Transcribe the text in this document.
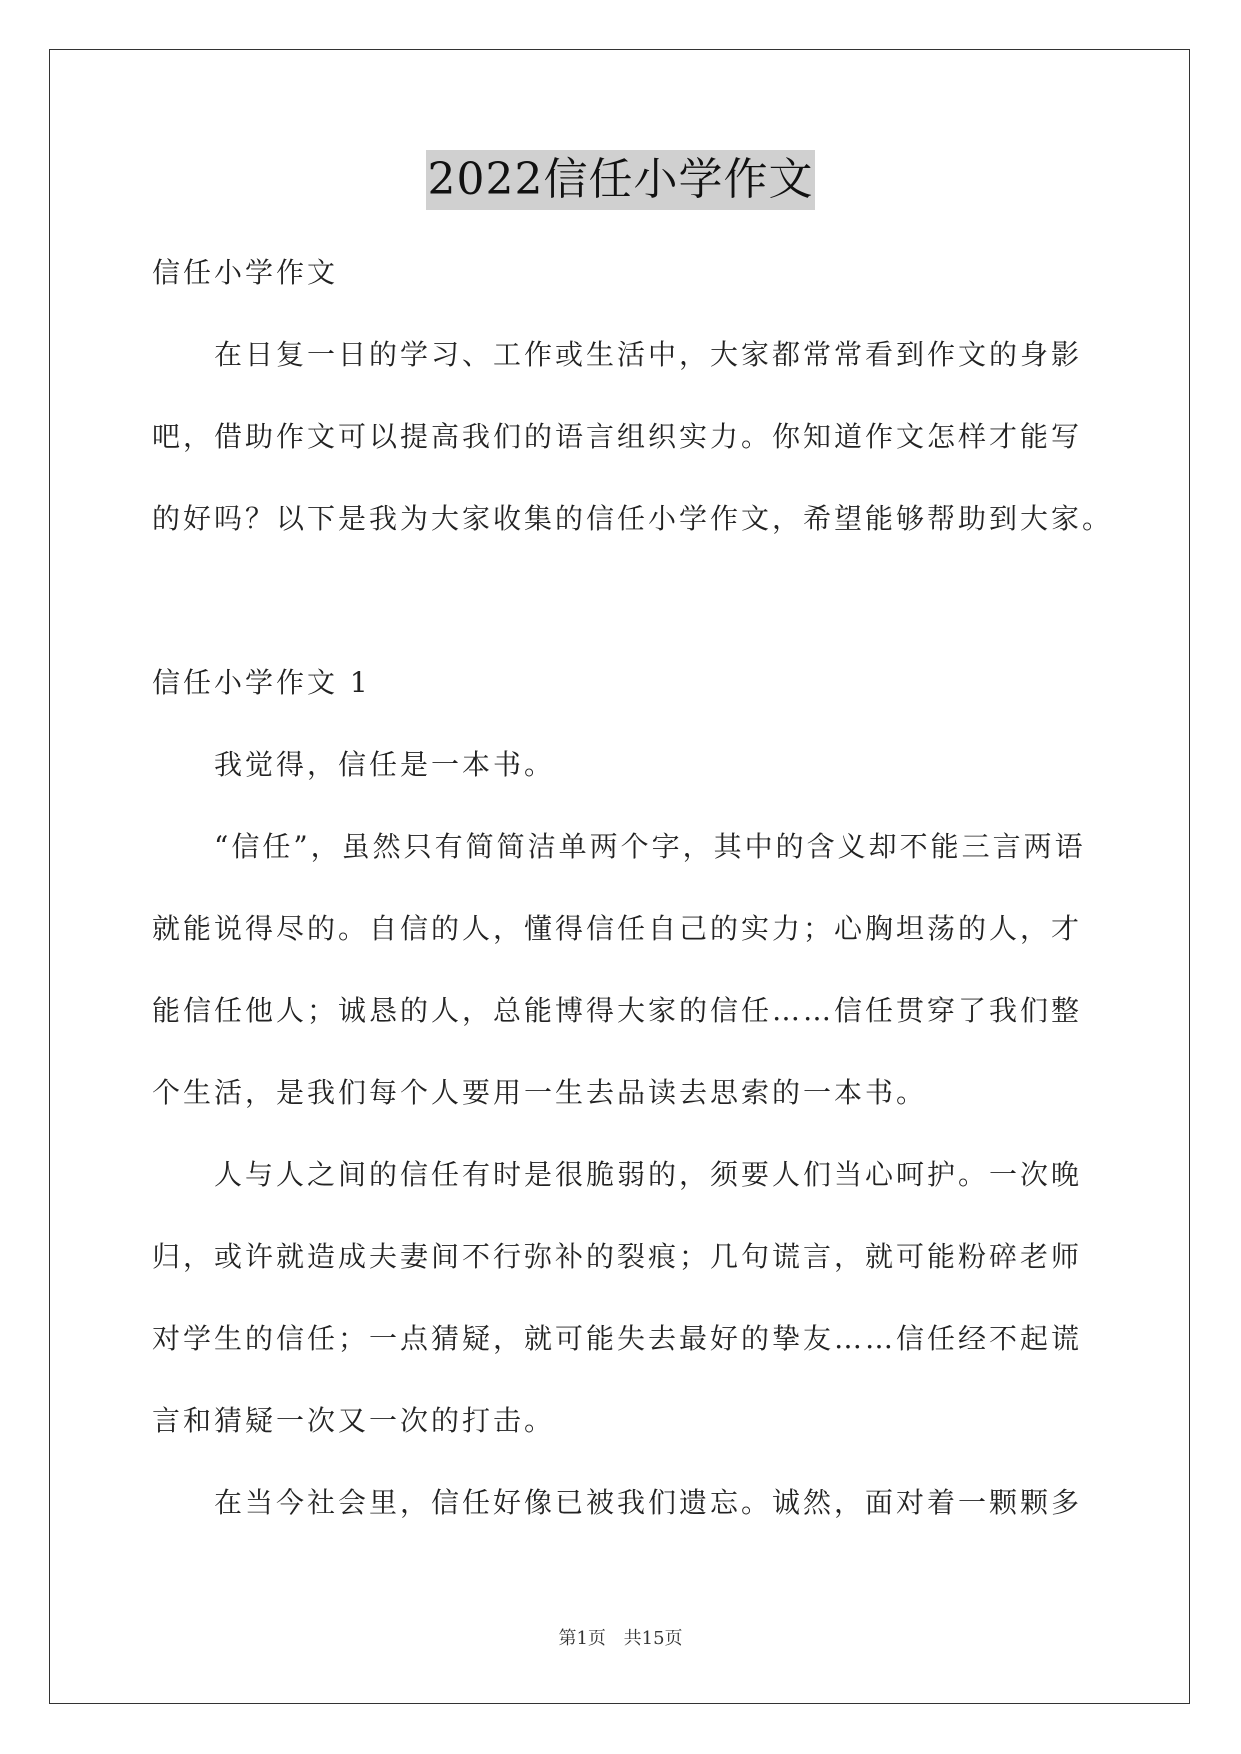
2022信任小学作文
信任小学作文
在日复一日的学习、工作或生活中，大家都常常看到作文的身影
吧，借助作文可以提高我们的语言组织实力。你知道作文怎样才能写
的好吗？以下是我为大家收集的信任小学作文，希望能够帮助到大家。
信任小学作文 1
我觉得，信任是一本书。
“信任”，虽然只有简简洁单两个字，其中的含义却不能三言两语
就能说得尽的。自信的人，懂得信任自己的实力；心胸坦荡的人，才
能信任他人；诚恳的人，总能博得大家的信任……信任贯穿了我们整
个生活，是我们每个人要用一生去品读去思索的一本书。
人与人之间的信任有时是很脆弱的，须要人们当心呵护。一次晚
归，或许就造成夫妻间不行弥补的裂痕；几句谎言，就可能粉碎老师
对学生的信任；一点猜疑，就可能失去最好的挚友……信任经不起谎
言和猜疑一次又一次的打击。
在当今社会里，信任好像已被我们遗忘。诚然，面对着一颗颗多
第1页 共15页
